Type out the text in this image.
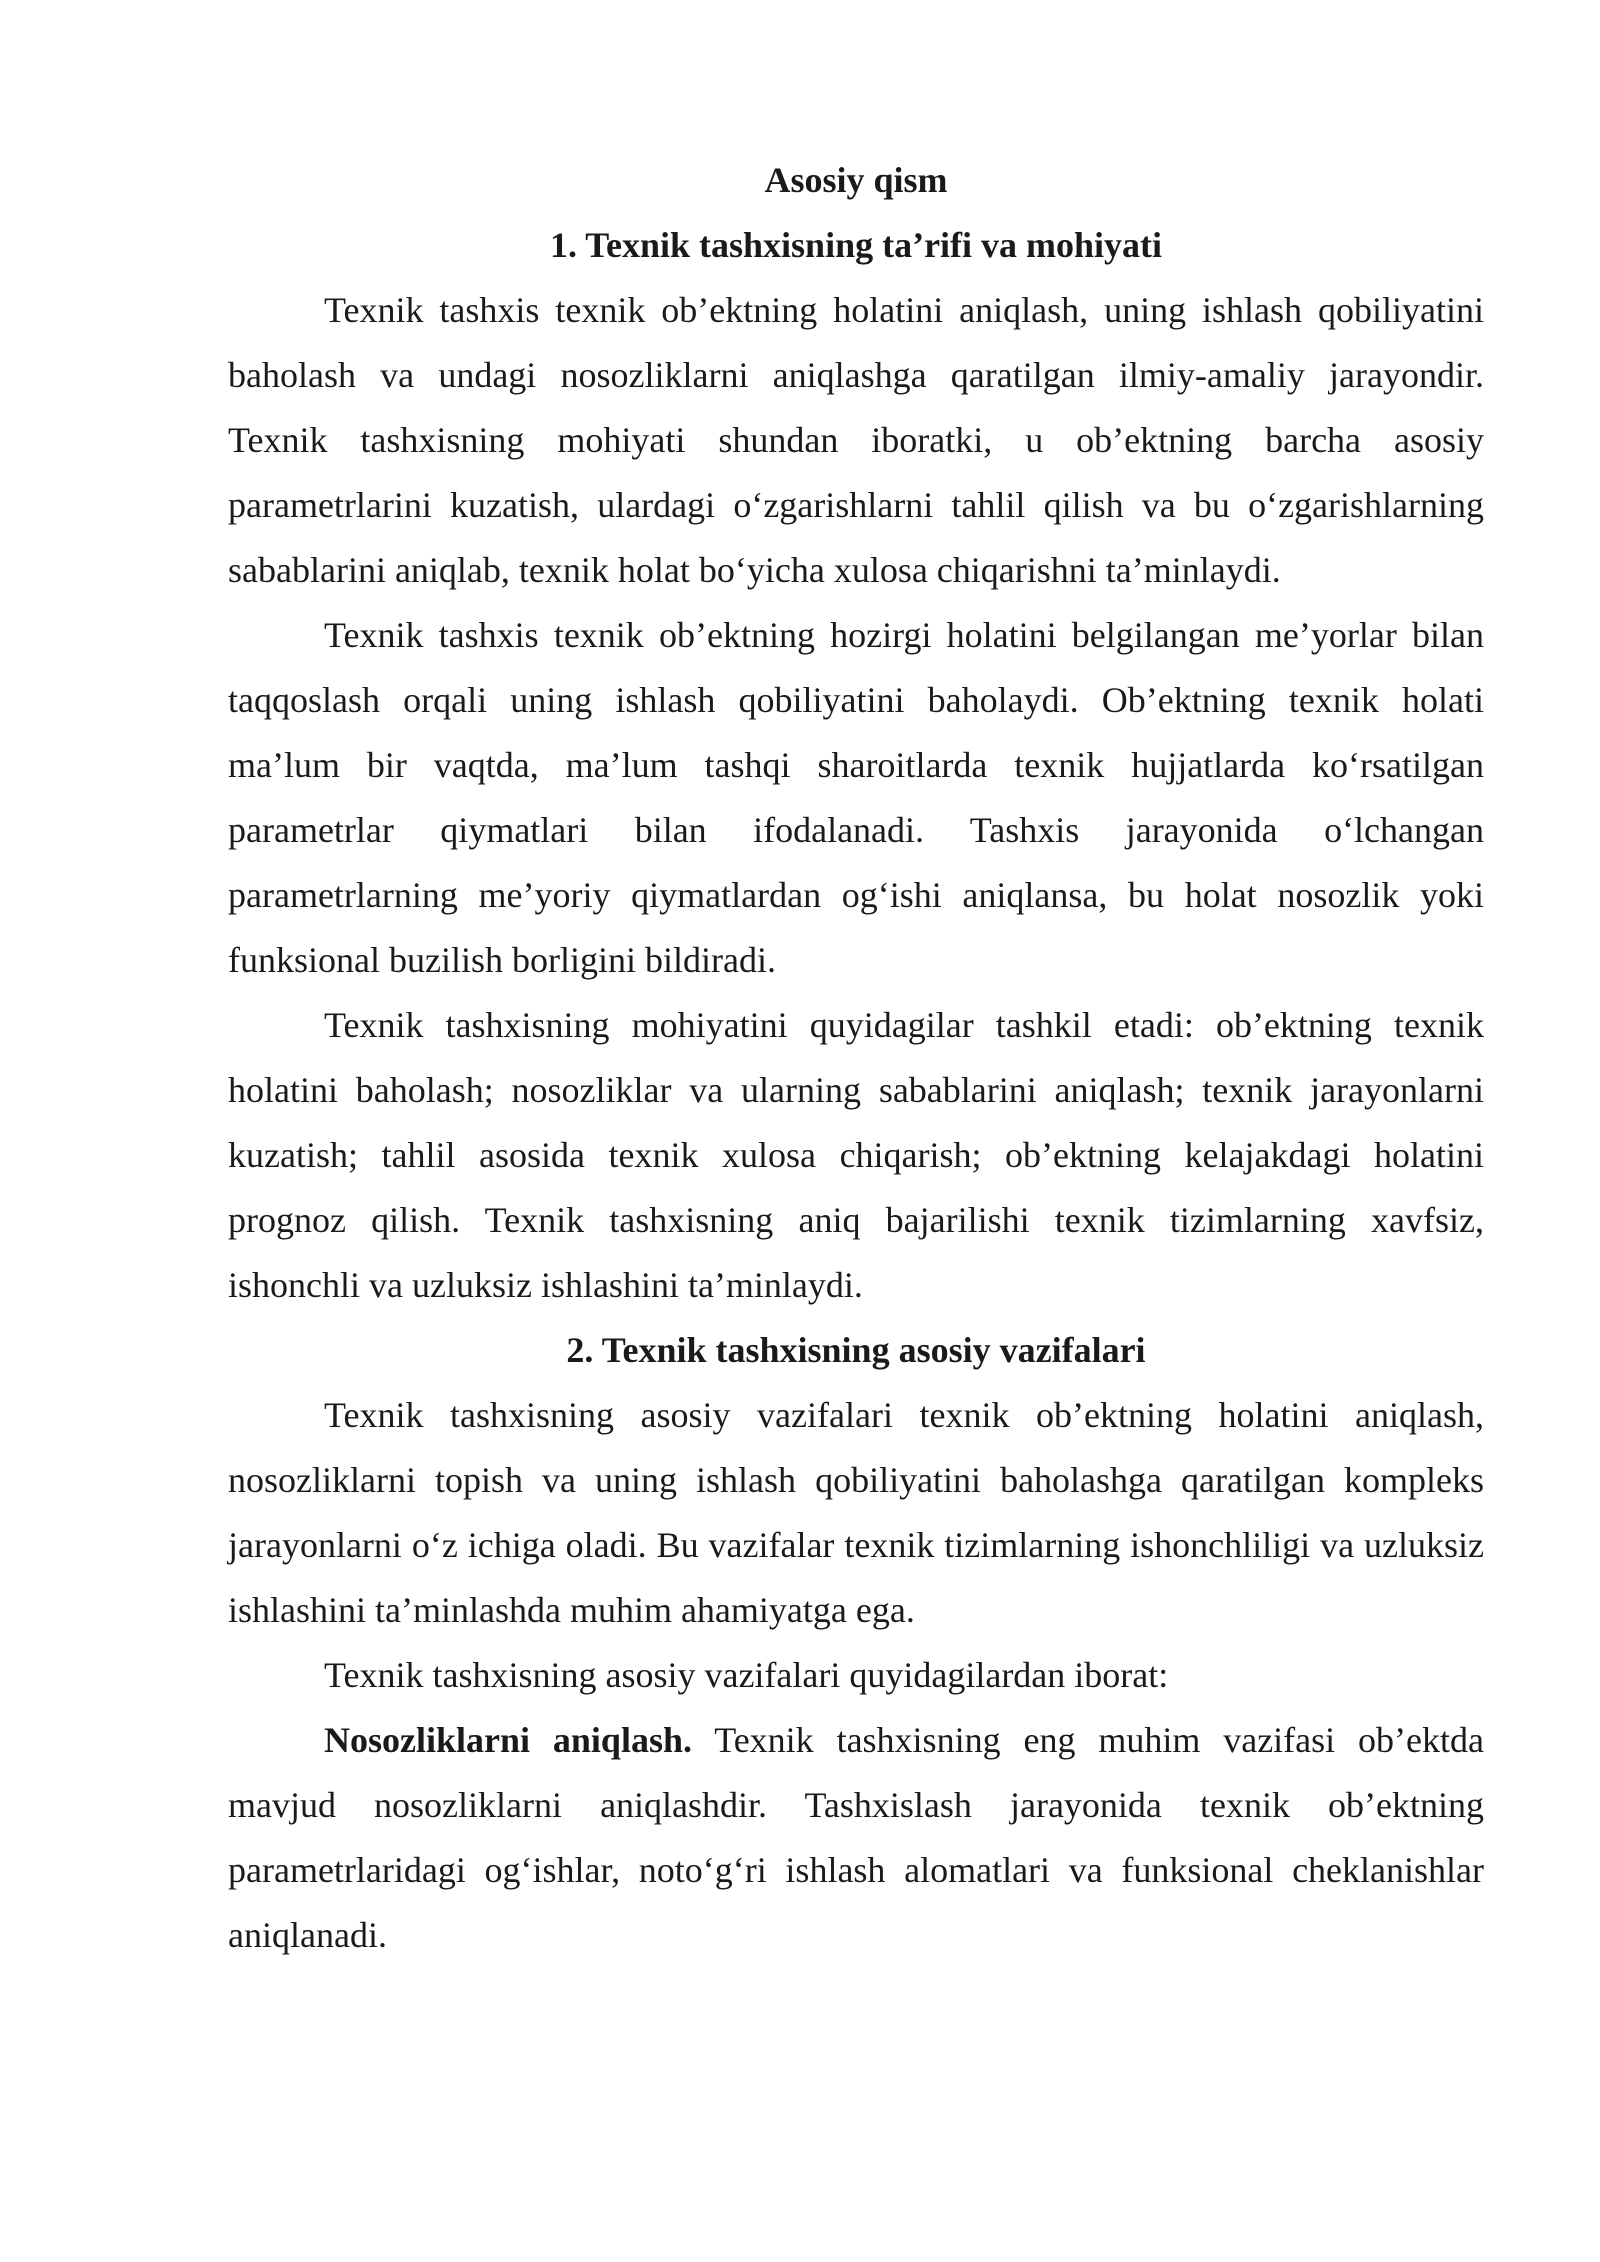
Asosiy qism
1. Texnik tashxisning ta’rifi va mohiyati

Texnik tashxis texnik ob’ektning holatini aniqlash, uning ishlash qobiliyatini baholash va undagi nosozliklarni aniqlashga qaratilgan ilmiy-amaliy jarayondir. Texnik tashxisning mohiyati shundan iboratki, u ob’ektning barcha asosiy parametrlarini kuzatish, ulardagi o‘zgarishlarni tahlil qilish va bu o‘zgarishlarning sabablarini aniqlab, texnik holat bo‘yicha xulosa chiqarishni ta’minlaydi.

Texnik tashxis texnik ob’ektning hozirgi holatini belgilangan me’yorlar bilan taqqoslash orqali uning ishlash qobiliyatini baholaydi. Ob’ektning texnik holati ma’lum bir vaqtda, ma’lum tashqi sharoitlarda texnik hujjatlarda ko‘rsatilgan parametrlar qiymatlari bilan ifodalanadi. Tashxis jarayonida o‘lchangan parametrlarning me’yoriy qiymatlardan og‘ishi aniqlansa, bu holat nosozlik yoki funksional buzilish borligini bildiradi.

Texnik tashxisning mohiyatini quyidagilar tashkil etadi: ob’ektning texnik holatini baholash; nosozliklar va ularning sabablarini aniqlash; texnik jarayonlarni kuzatish; tahlil asosida texnik xulosa chiqarish; ob’ektning kelajakdagi holatini prognoz qilish. Texnik tashxisning aniq bajarilishi texnik tizimlarning xavfsiz, ishonchli va uzluksiz ishlashini ta’minlaydi.

2. Texnik tashxisning asosiy vazifalari

Texnik tashxisning asosiy vazifalari texnik ob’ektning holatini aniqlash, nosozliklarni topish va uning ishlash qobiliyatini baholashga qaratilgan kompleks jarayonlarni o‘z ichiga oladi. Bu vazifalar texnik tizimlarning ishonchliligi va uzluksiz ishlashini ta’minlashda muhim ahamiyatga ega.

Texnik tashxisning asosiy vazifalari quyidagilardan iborat:

Nosozliklarni aniqlash. Texnik tashxisning eng muhim vazifasi ob’ektda mavjud nosozliklarni aniqlashdir. Tashxislash jarayonida texnik ob’ektning parametrlaridagi og‘ishlar, noto‘g‘ri ishlash alomatlari va funksional cheklanishlar aniqlanadi.
